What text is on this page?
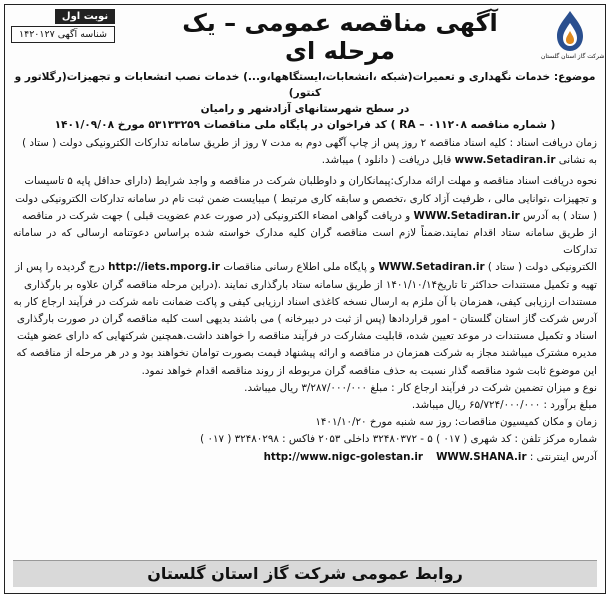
شرکت گاز استان گلستان
آگهی مناقصه عمومی – یک مرحله ای
نوبت اول
شناسه آگهی ۱۴۲۰۱۲۷
موضوع: خدمات نگهداری و تعمیرات(شبکه ،انشعابات،ایستگاهها،و...) خدمات نصب انشعابات و تجهیزات(رگلاتور و کنتور)
در سطح شهرستانهای آزادشهر و رامیان
( شماره مناقصه RA – ۰۱۱۲۰۸ ) کد فراخوان در پایگاه ملی مناقصات ۵۳۱۳۳۲۵۹ مورخ ۱۴۰۱/۰۹/۰۸

زمان دریافت اسناد : کلیه اسناد مناقصه ۲ روز پس از چاپ آگهی دوم به مدت ۷ روز از طریق سامانه تدارکات الکترونیکی دولت ( ستاد )

به نشانی www.Setadiran.ir قابل دریافت ( دانلود ) میباشد.

نحوه دریافت اسناد مناقصه و مهلت ارائه مدارک:پیمانکاران و داوطلبان شرکت در مناقصه و واجد شرایط (دارای حداقل پایه ۵ تاسیسات

و تجهیزات ،توانایی مالی ، ظرفیت آزاد کاری ،تخصص و سابقه کاری مرتبط ) میبایست ضمن ثبت نام در سامانه تدارکات الکترونیکی دولت

( ستاد ) به آدرس WWW.Setadiran.ir و دریافت گواهی امضاء الکترونیکی (در صورت عدم عضویت قبلی ) جهت شرکت در مناقصه

از طریق سامانه ستاد اقدام نمایند.ضمناً لازم است مناقصه گران کلیه مدارک خواسته شده براساس دعوتنامه ارسالی که در سامانه تدارکات

الکترونیکی دولت ( ستاد ) WWW.Setadiran.ir و پایگاه ملی اطلاع رسانی مناقصات http://iets.mporg.ir درج گردیده را پس از

تهیه و تکمیل مستندات حداکثر تا تاریخ۱۴۰۱/۱۰/۱۴ از طریق سامانه ستاد بارگذاری نمایند .(دراین مرحله مناقصه گران علاوه بر بارگذاری

مستندات ارزیابی کیفی، همزمان با آن ملزم به ارسال نسخه کاغذی اسناد ارزیابی کیفی و پاکت ضمانت نامه شرکت در فرآیند ارجاع کار به

آدرس شرکت گاز استان گلستان - امور قراردادها (پس از ثبت در دبیرخانه ) می باشند بدیهی است کلیه مناقصه گران در صورت بارگذاری

اسناد و تکمیل مستندات در موعد تعیین شده، قابلیت مشارکت در فرآیند مناقصه را خواهند داشت.همچنین شرکتهایی که دارای عضو هیئت

مدیره مشترک میباشند مجاز به شرکت همزمان در مناقصه و ارائه پیشنهاد قیمت بصورت توامان نخواهند بود و در هر مرحله از مناقصه که

این موضوع ثابت شود مناقصه گذار نسبت به حذف مناقصه گران مربوطه از روند مناقصه اقدام خواهد نمود.

نوع و میزان تضمین شرکت در فرآیند ارجاع کار : مبلغ ۳/۲۸۷/۰۰۰/۰۰۰ ریال میباشد.

مبلغ برآورد : ۶۵/۷۲۴/۰۰۰/۰۰۰ ریال میباشد.

زمان و مکان کمیسیون مناقصات: روز سه شنبه مورخ ۱۴۰۱/۱۰/۲۰

شماره مرکز تلفن : کد شهری ( ۰۱۷ ) ۵ - ۳۲۴۸۰۳۷۲ داخلی ۲۰۵۳ فاکس : ۳۲۴۸۰۲۹۸ ( ۰۱۷ )

آدرس اینترنتی : WWW.SHANA.ir    http://www.nigc-golestan.ir

روابط عمومی شرکت گاز استان گلستان
